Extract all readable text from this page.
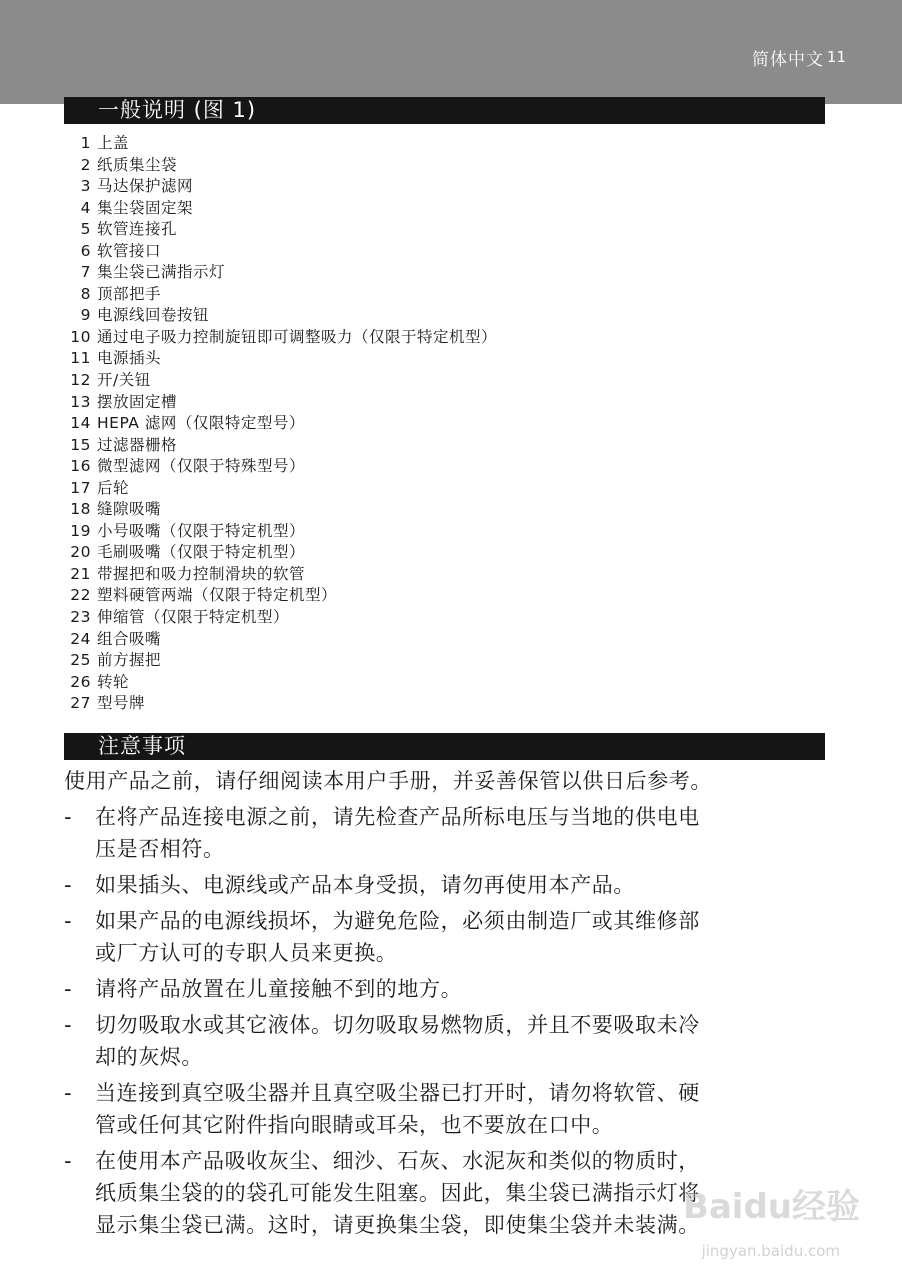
简体中文 11
一般说明 (图 1)
1 上盖
2 纸质集尘袋
3 马达保护滤网
4 集尘袋固定架
5 软管连接孔
6 软管接口
7 集尘袋已满指示灯
8 顶部把手
9 电源线回卷按钮
10 通过电子吸力控制旋钮即可调整吸力（仅限于特定机型）
11 电源插头
12 开/关钮
13 摆放固定槽
14 HEPA 滤网（仅限特定型号）
15 过滤器栅格
16 微型滤网（仅限于特殊型号）
17 后轮
18 缝隙吸嘴
19 小号吸嘴（仅限于特定机型）
20 毛刷吸嘴（仅限于特定机型）
21 带握把和吸力控制滑块的软管
22 塑料硬管两端（仅限于特定机型）
23 伸缩管（仅限于特定机型）
24 组合吸嘴
25 前方握把
26 转轮
27 型号牌
注意事项
使用产品之前，请仔细阅读本用户手册，并妥善保管以供日后参考。
- 在将产品连接电源之前，请先检查产品所标电压与当地的供电电
压是否相符。
- 如果插头、电源线或产品本身受损，请勿再使用本产品。
- 如果产品的电源线损坏，为避免危险，必须由制造厂或其维修部
或厂方认可的专职人员来更换。
- 请将产品放置在儿童接触不到的地方。
- 切勿吸取水或其它液体。切勿吸取易燃物质，并且不要吸取未冷
却的灰烬。
- 当连接到真空吸尘器并且真空吸尘器已打开时，请勿将软管、硬
管或任何其它附件指向眼睛或耳朵，也不要放在口中。
- 在使用本产品吸收灰尘、细沙、石灰、水泥灰和类似的物质时，
纸质集尘袋的的袋孔可能发生阻塞。因此，集尘袋已满指示灯将
显示集尘袋已满。这时，请更换集尘袋，即使集尘袋并未装满。
Baidu经验
jingyan.baidu.com
